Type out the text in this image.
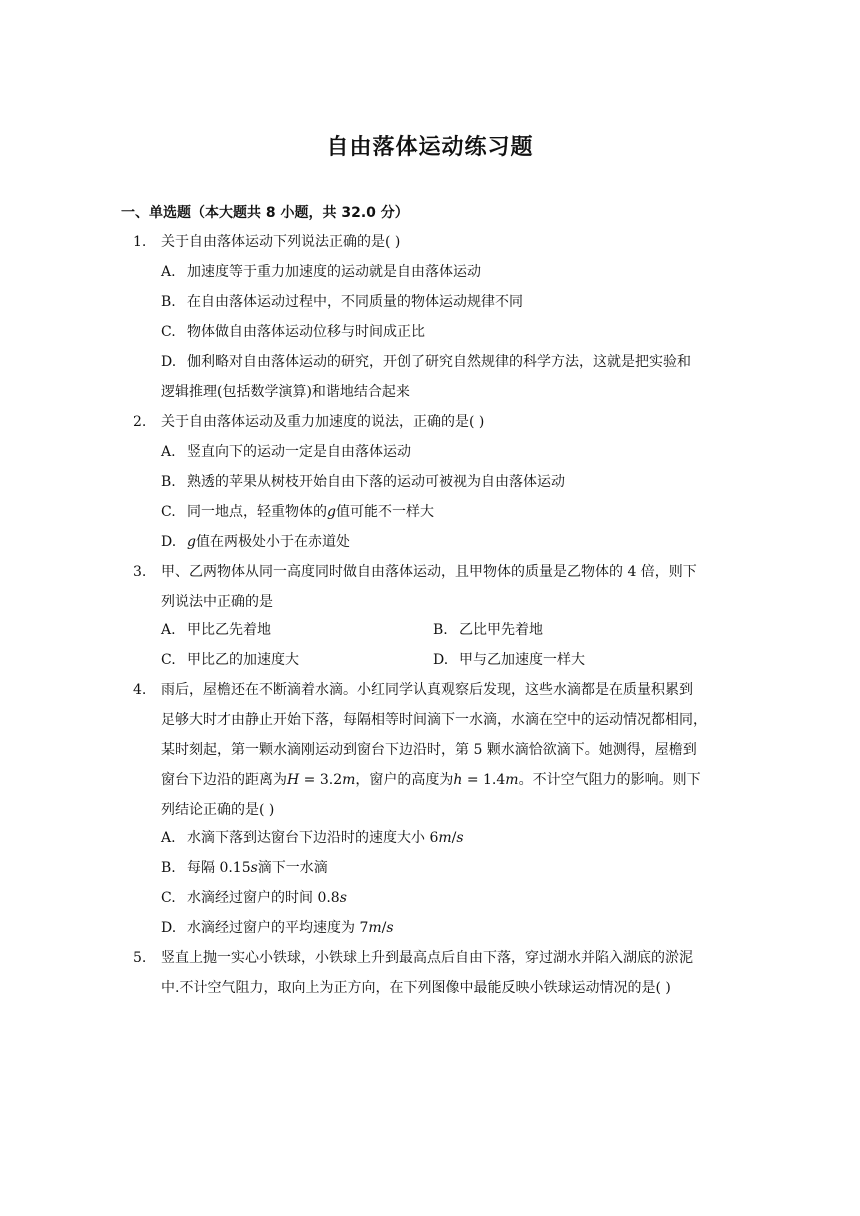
自由落体运动练习题
一、单选题（本大题共 8 小题，共 32.0 分）
1. 关于自由落体运动下列说法正确的是( )
A. 加速度等于重力加速度的运动就是自由落体运动
B. 在自由落体运动过程中，不同质量的物体运动规律不同
C. 物体做自由落体运动位移与时间成正比
D. 伽利略对自由落体运动的研究，开创了研究自然规律的科学方法，这就是把实验和
逻辑推理(包括数学演算)和谐地结合起来
2. 关于自由落体运动及重力加速度的说法，正确的是( )
A. 竖直向下的运动一定是自由落体运动
B. 熟透的苹果从树枝开始自由下落的运动可被视为自由落体运动
C. 同一地点，轻重物体的𝑔值可能不一样大
D. 𝑔值在两极处小于在赤道处
3. 甲、乙两物体从同一高度同时做自由落体运动，且甲物体的质量是乙物体的 4 倍，则下
列说法中正确的是
A. 甲比乙先着地	B. 乙比甲先着地
C. 甲比乙的加速度大	D. 甲与乙加速度一样大
4. 雨后，屋檐还在不断滴着水滴。小红同学认真观察后发现，这些水滴都是在质量积累到
足够大时才由静止开始下落，每隔相等时间滴下一水滴，水滴在空中的运动情况都相同，
某时刻起，第一颗水滴刚运动到窗台下边沿时，第 5 颗水滴恰欲滴下。她测得，屋檐到
窗台下边沿的距离为𝐻 = 3.2𝑚，窗户的高度为ℎ = 1.4𝑚。不计空气阻力的影响。则下
列结论正确的是( )
A. 水滴下落到达窗台下边沿时的速度大小 6𝑚/𝑠
B. 每隔 0.15𝑠滴下一水滴
C. 水滴经过窗户的时间 0.8𝑠
D. 水滴经过窗户的平均速度为 7𝑚/𝑠
5. 竖直上抛一实心小铁球，小铁球上升到最高点后自由下落，穿过湖水并陷入湖底的淤泥
中.不计空气阻力，取向上为正方向，在下列图像中最能反映小铁球运动情况的是( )
